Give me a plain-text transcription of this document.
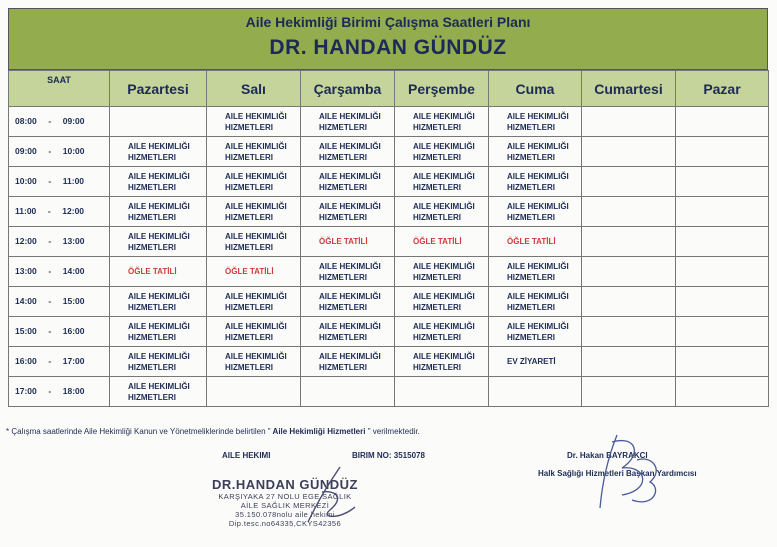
Aile Hekimliği Birimi Çalışma Saatleri Planı
DR. HANDAN GÜNDÜZ
SAAT	Pazartesi	Salı	Çarşamba	Perşembe	Cuma	Cumartesi	Pazar
08:00 - 09:00		AILE HEKIMLIĞI
HIZMETLERI	AILE HEKIMLIĞI
HIZMETLERI	AILE HEKIMLIĞI
HIZMETLERI	AILE HEKIMLIĞI
HIZMETLERI		

09:00 - 10:00	AILE HEKIMLIĞI
HIZMETLERI	AILE HEKIMLIĞI
HIZMETLERI	AILE HEKIMLIĞI
HIZMETLERI	AILE HEKIMLIĞI
HIZMETLERI	AILE HEKIMLIĞI
HIZMETLERI		

10:00 - 11:00	AILE HEKIMLIĞI
HIZMETLERI	AILE HEKIMLIĞI
HIZMETLERI	AILE HEKIMLIĞI
HIZMETLERI	AILE HEKIMLIĞI
HIZMETLERI	AILE HEKIMLIĞI
HIZMETLERI		

11:00 - 12:00	AILE HEKIMLIĞI
HIZMETLERI	AILE HEKIMLIĞI
HIZMETLERI	AILE HEKIMLIĞI
HIZMETLERI	AILE HEKIMLIĞI
HIZMETLERI	AILE HEKIMLIĞI
HIZMETLERI		

12:00 - 13:00	AILE HEKIMLIĞI
HIZMETLERI	AILE HEKIMLIĞI
HIZMETLERI	ÖĞLE TATİLİ	ÖĞLE TATİLİ	ÖĞLE TATİLİ		
13:00 - 14:00	ÖĞLE TATİLİ	ÖĞLE TATİLİ	AILE HEKIMLIĞI
HIZMETLERI	AILE HEKIMLIĞI
HIZMETLERI	AILE HEKIMLIĞI
HIZMETLERI		

14:00 - 15:00	AILE HEKIMLIĞI
HIZMETLERI	AILE HEKIMLIĞI
HIZMETLERI	AILE HEKIMLIĞI
HIZMETLERI	AILE HEKIMLIĞI
HIZMETLERI	AILE HEKIMLIĞI
HIZMETLERI		

15:00 - 16:00	AILE HEKIMLIĞI
HIZMETLERI	AILE HEKIMLIĞI
HIZMETLERI	AILE HEKIMLIĞI
HIZMETLERI	AILE HEKIMLIĞI
HIZMETLERI	AILE HEKIMLIĞI
HIZMETLERI		

16:00 - 17:00	AILE HEKIMLIĞI
HIZMETLERI	AILE HEKIMLIĞI
HIZMETLERI	AILE HEKIMLIĞI
HIZMETLERI	AILE HEKIMLIĞI
HIZMETLERI	EV ZİYARETİ		

17:00 - 18:00	AILE HEKIMLIĞI
HIZMETLERI						

* Çalışma saatlerinde Aile Hekimliği Kanun ve Yönetmeliklerinde belirtilen " Aile Hekimliği Hizmetleri " verilmektedir.
AILE HEKIMI	BIRIM NO: 3515078	Dr. Hakan BAYRAKCI
Halk Sağlığı Hizmetleri Başkan Yardımcısı
DR.HANDAN GÜNDÜZ
KARŞIYAKA 27 NOLU EGE SAĞLIK
AİLE SAĞLIK MERKEZİ
35.150.078nolu aile hekimi
Dip.tesc.no64335,CKYS42356
